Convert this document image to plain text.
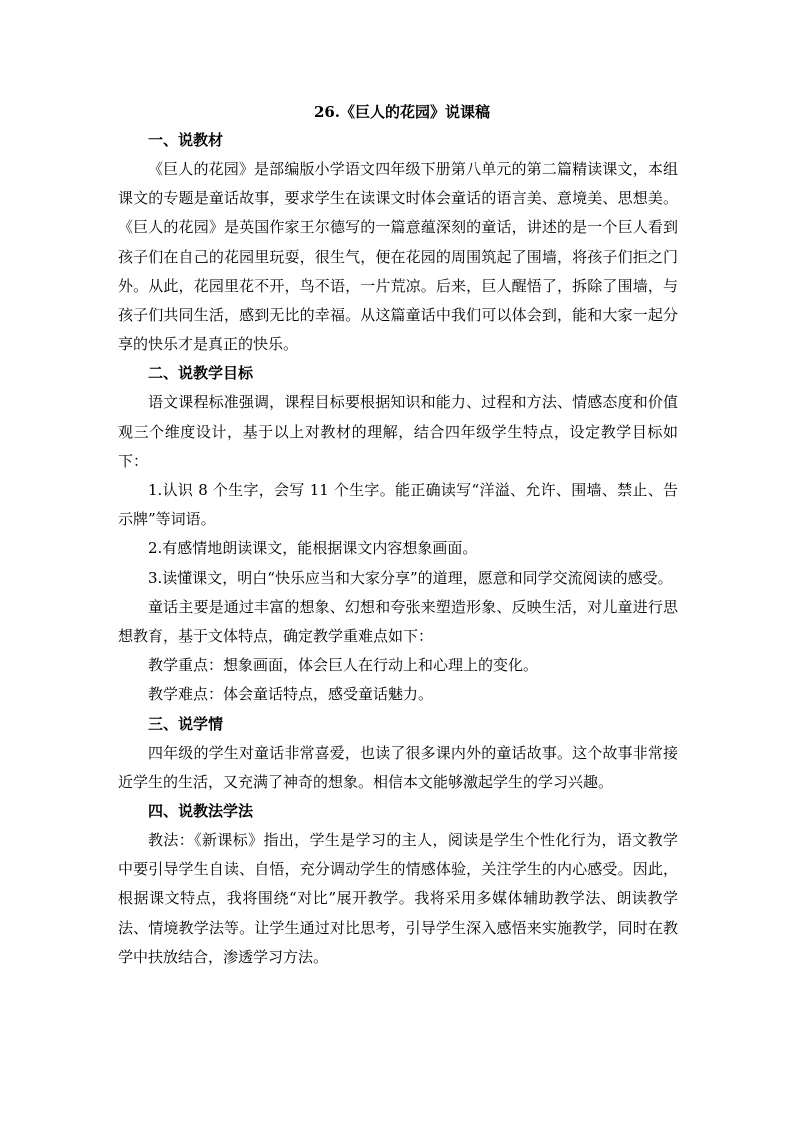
26.《巨人的花园》说课稿
一、说教材

《巨人的花园》是部编版小学语文四年级下册第八单元的第二篇精读课文，本组课文的专题是童话故事，要求学生在读课文时体会童话的语言美、意境美、思想美。《巨人的花园》是英国作家王尔德写的一篇意蕴深刻的童话，讲述的是一个巨人看到孩子们在自己的花园里玩耍，很生气，便在花园的周围筑起了围墙，将孩子们拒之门外。从此，花园里花不开，鸟不语，一片荒凉。后来，巨人醒悟了，拆除了围墙，与孩子们共同生活，感到无比的幸福。从这篇童话中我们可以体会到，能和大家一起分享的快乐才是真正的快乐。

二、说教学目标

语文课程标准强调，课程目标要根据知识和能力、过程和方法、情感态度和价值观三个维度设计，基于以上对教材的理解，结合四年级学生特点，设定教学目标如下：

1.认识 8 个生字，会写 11 个生字。能正确读写“洋溢、允许、围墙、禁止、告示牌”等词语。

2.有感情地朗读课文，能根据课文内容想象画面。

3.读懂课文，明白“快乐应当和大家分享”的道理，愿意和同学交流阅读的感受。

童话主要是通过丰富的想象、幻想和夸张来塑造形象、反映生活，对儿童进行思想教育，基于文体特点，确定教学重难点如下：

教学重点：想象画面，体会巨人在行动上和心理上的变化。

教学难点：体会童话特点，感受童话魅力。

三、说学情

四年级的学生对童话非常喜爱，也读了很多课内外的童话故事。这个故事非常接近学生的生活，又充满了神奇的想象。相信本文能够激起学生的学习兴趣。

四、说教法学法

教法：《新课标》指出，学生是学习的主人，阅读是学生个性化行为，语文教学中要引导学生自读、自悟，充分调动学生的情感体验，关注学生的内心感受。因此，根据课文特点，我将围绕“对比”展开教学。我将采用多媒体辅助教学法、朗读教学法、情境教学法等。让学生通过对比思考，引导学生深入感悟来实施教学，同时在教学中扶放结合，渗透学习方法。
